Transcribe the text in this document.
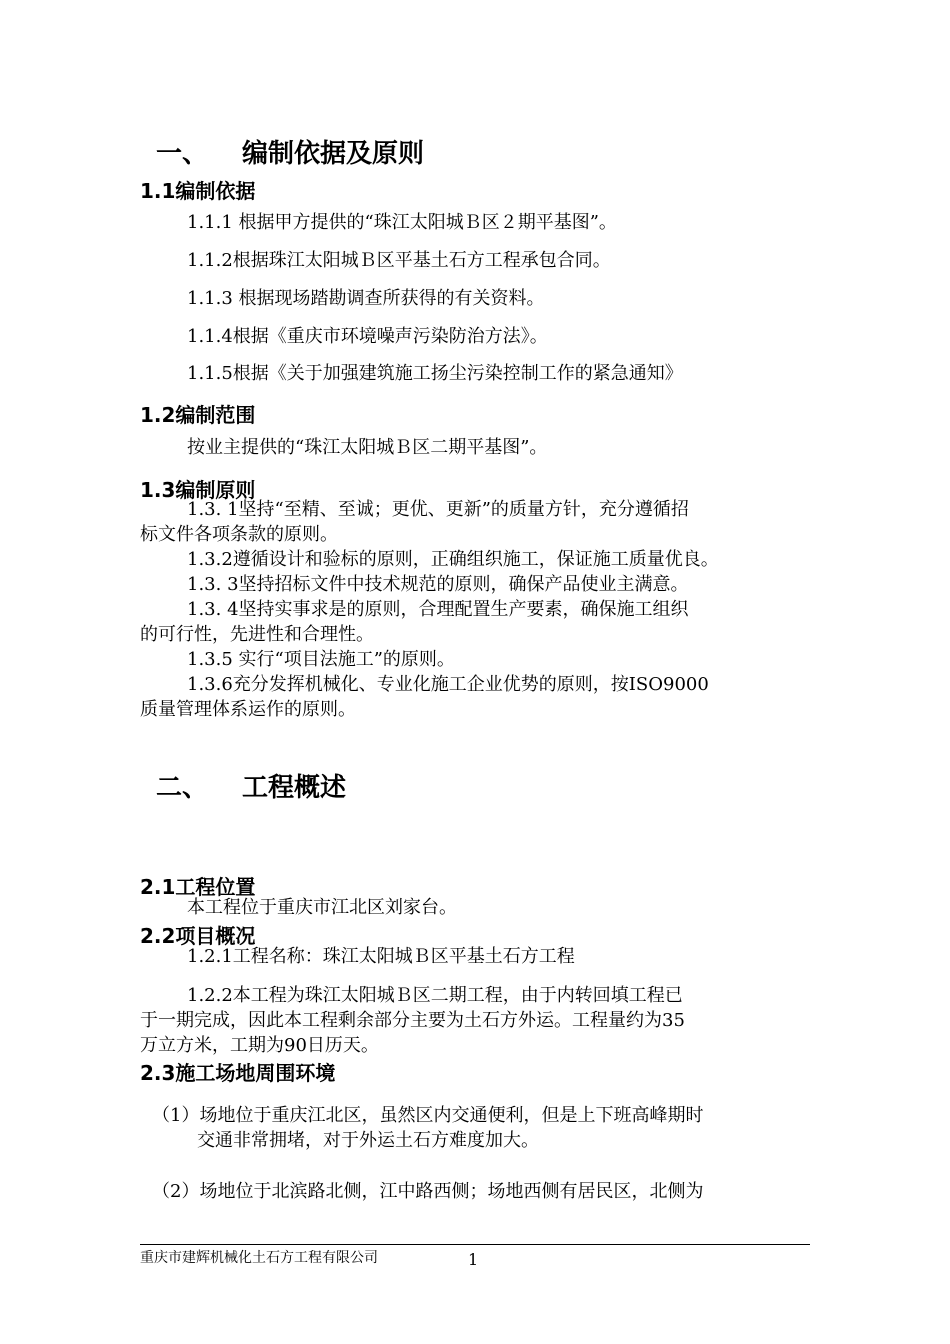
一、 编制依据及原则
1.1编制依据
1.1.1 根据甲方提供的“珠江太阳城Ｂ区２期平基图”。
1.1.2根据珠江太阳城Ｂ区平基土石方工程承包合同。
1.1.3 根据现场踏勘调查所获得的有关资料。
1.1.4根据《重庆市环境噪声污染防治方法》。
1.1.5根据《关于加强建筑施工扬尘污染控制工作的紧急通知》
1.2编制范围
按业主提供的“珠江太阳城Ｂ区二期平基图”。
1.3编制原则
1.3. 1坚持“至精、至诚；更优、更新”的质量方针，充分遵循招
标文件各项条款的原则。
1.3.2遵循设计和验标的原则，正确组织施工，保证施工质量优良。
1.3. 3坚持招标文件中技术规范的原则，确保产品使业主满意。
1.3. 4坚持实事求是的原则，合理配置生产要素，确保施工组织
的可行性，先进性和合理性。
1.3.5 实行“项目法施工”的原则。
1.3.6充分发挥机械化、专业化施工企业优势的原则，按ISO9000
质量管理体系运作的原则。
二、 工程概述
2.1工程位置
本工程位于重庆市江北区刘家台。
2.2项目概况
1.2.1工程名称：珠江太阳城Ｂ区平基土石方工程
1.2.2本工程为珠江太阳城Ｂ区二期工程，由于内转回填工程已
于一期完成，因此本工程剩余部分主要为土石方外运。工程量约为35
万立方米，工期为90日历天。
2.3施工场地周围环境
（1）场地位于重庆江北区，虽然区内交通便利，但是上下班高峰期时
交通非常拥堵，对于外运土石方难度加大。
（2）场地位于北滨路北侧，江中路西侧；场地西侧有居民区，北侧为
重庆市建辉机械化土石方工程有限公司	1
